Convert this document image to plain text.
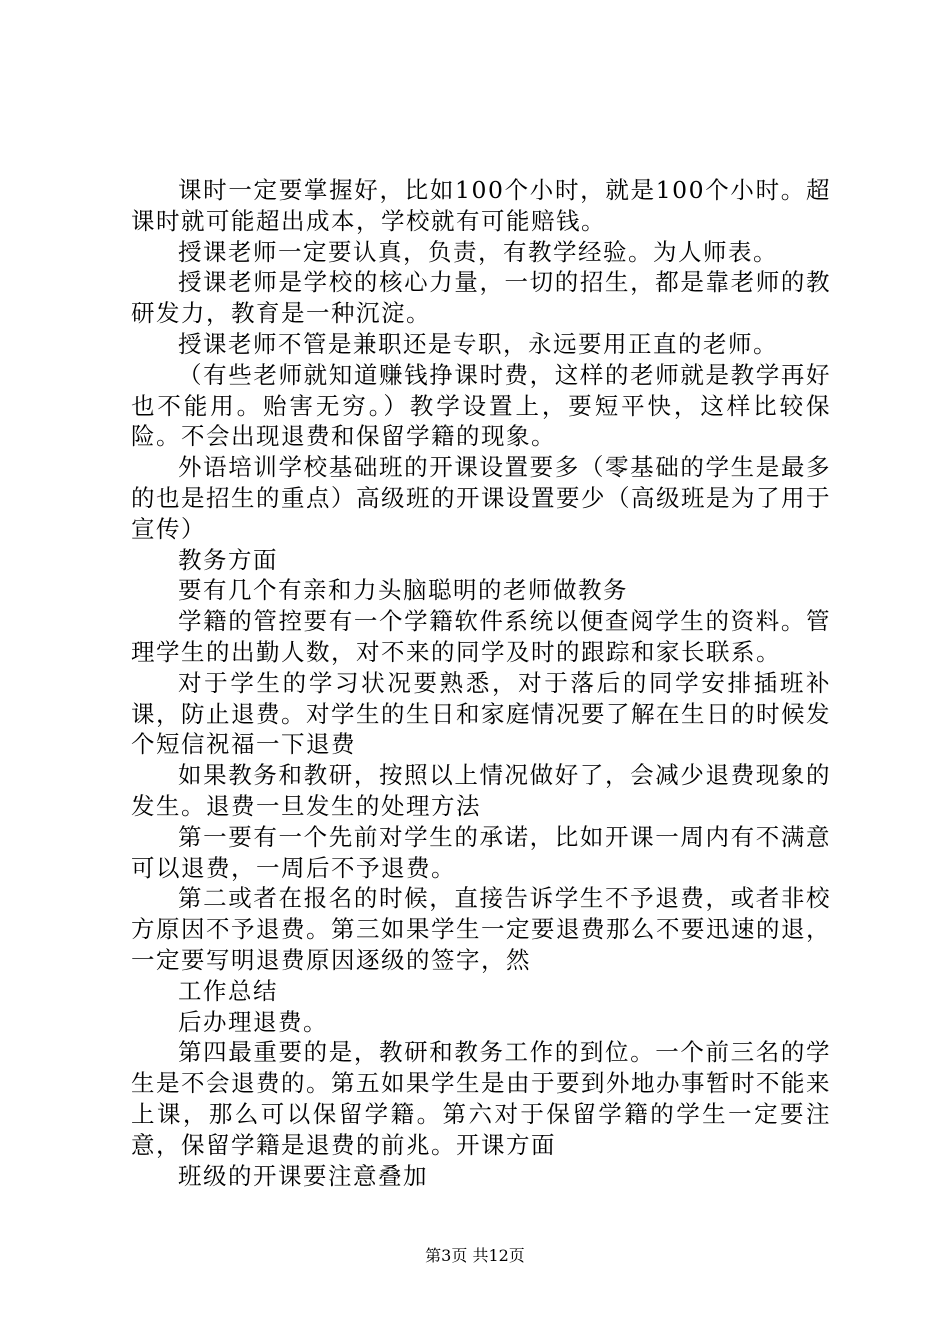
课时一定要掌握好，比如100个小时，就是100个小时。超课时就可能超出成本，学校就有可能赔钱。

授课老师一定要认真，负责，有教学经验。为人师表。

授课老师是学校的核心力量，一切的招生，都是靠老师的教研发力，教育是一种沉淀。

授课老师不管是兼职还是专职，永远要用正直的老师。

（有些老师就知道赚钱挣课时费，这样的老师就是教学再好也不能用。贻害无穷。）教学设置上，要短平快，这样比较保险。不会出现退费和保留学籍的现象。

外语培训学校基础班的开课设置要多（零基础的学生是最多的也是招生的重点）高级班的开课设置要少（高级班是为了用于宣传）

教务方面

要有几个有亲和力头脑聪明的老师做教务

学籍的管控要有一个学籍软件系统以便查阅学生的资料。管理学生的出勤人数，对不来的同学及时的跟踪和家长联系。

对于学生的学习状况要熟悉，对于落后的同学安排插班补课，防止退费。对学生的生日和家庭情况要了解在生日的时候发个短信祝福一下退费

如果教务和教研，按照以上情况做好了，会减少退费现象的发生。退费一旦发生的处理方法

第一要有一个先前对学生的承诺，比如开课一周内有不满意可以退费，一周后不予退费。

第二或者在报名的时候，直接告诉学生不予退费，或者非校方原因不予退费。第三如果学生一定要退费那么不要迅速的退，一定要写明退费原因逐级的签字，然

工作总结

后办理退费。

第四最重要的是，教研和教务工作的到位。一个前三名的学生是不会退费的。第五如果学生是由于要到外地办事暂时不能来上课，那么可以保留学籍。第六对于保留学籍的学生一定要注意，保留学籍是退费的前兆。开课方面

班级的开课要注意叠加

第3页 共12页
